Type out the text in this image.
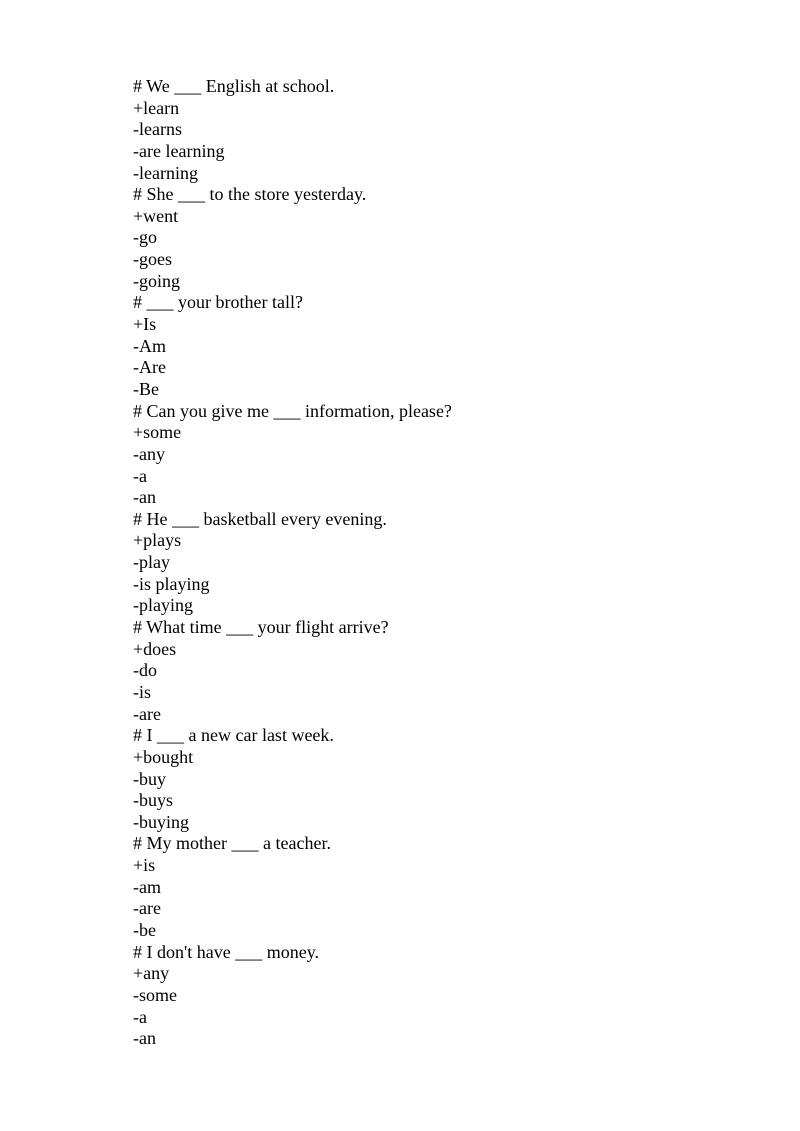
# We ___ English at school.
+learn
-learns
-are learning
-learning
# She ___ to the store yesterday.
+went
-go
-goes
-going
# ___ your brother tall?
+Is
-Am
-Are
-Be
# Can you give me ___ information, please?
+some
-any
-a
-an
# He ___ basketball every evening.
+plays
-play
-is playing
-playing
# What time ___ your flight arrive?
+does
-do
-is
-are
# I ___ a new car last week.
+bought
-buy
-buys
-buying
# My mother ___ a teacher.
+is
-am
-are
-be
# I don't have ___ money.
+any
-some
-a
-an
